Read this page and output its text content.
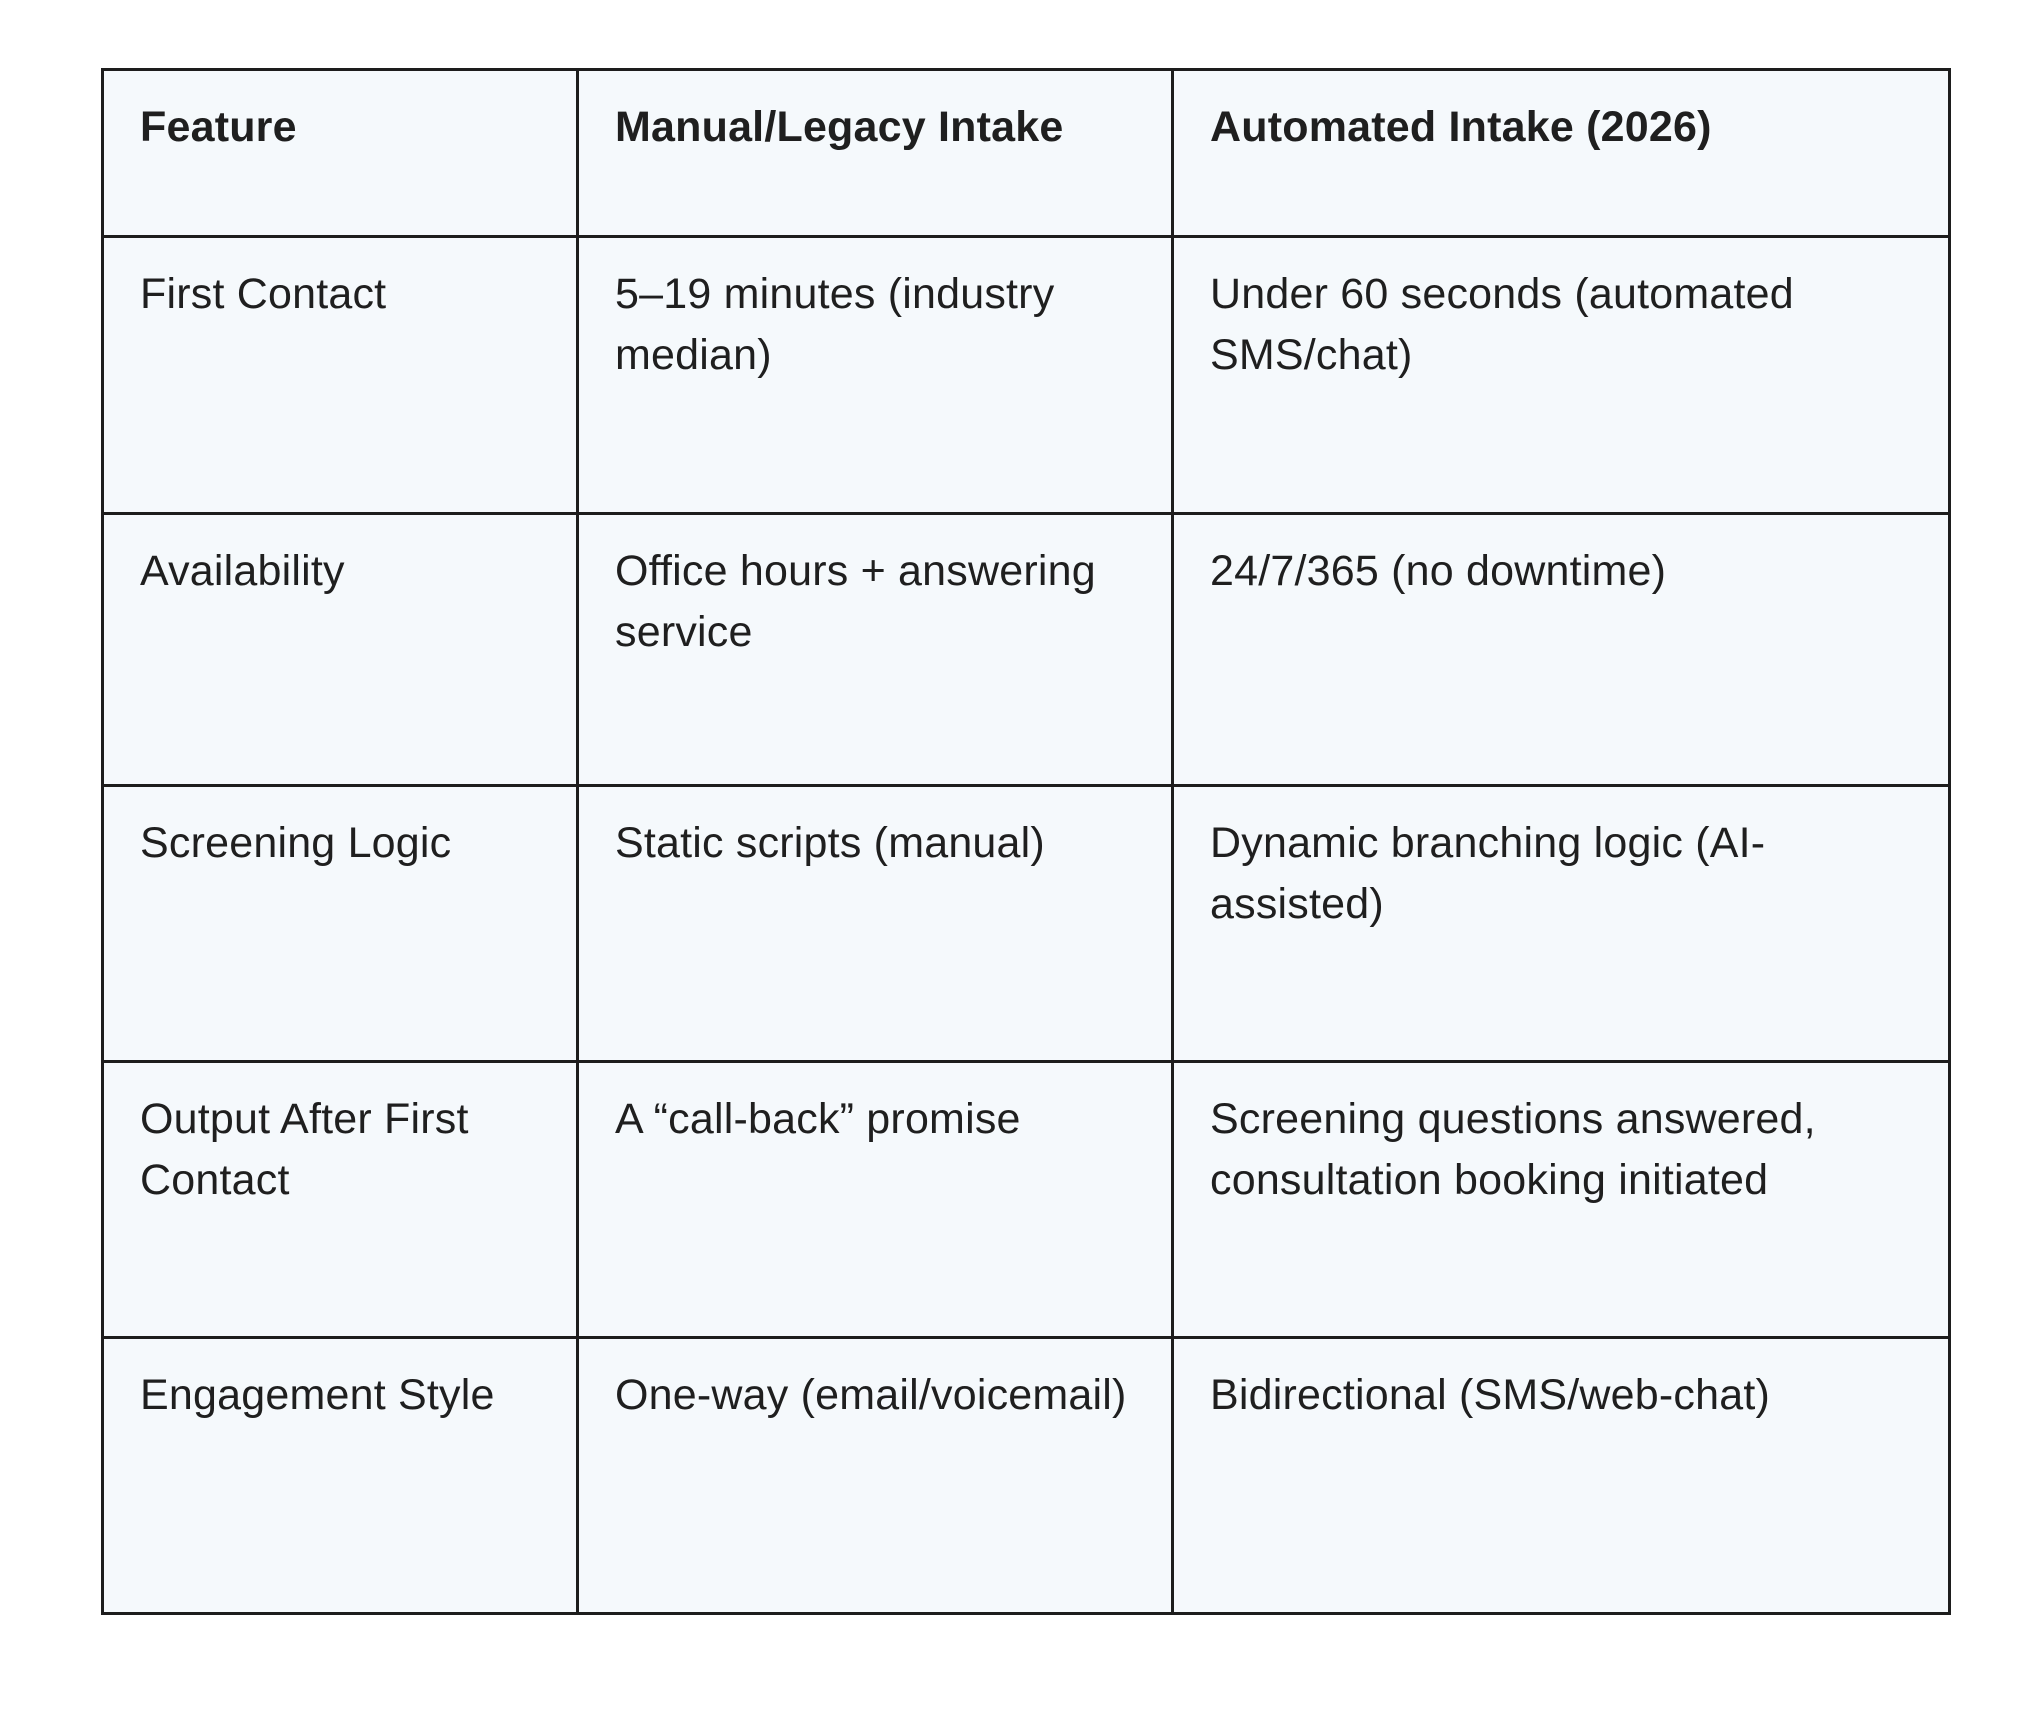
Feature	Manual/Legacy Intake	Automated Intake (2026)
First Contact	5–19 minutes (industry median)	Under 60 seconds (automated SMS/chat)
Availability	Office hours + answering service	24/7/365 (no downtime)
Screening Logic	Static scripts (manual)	Dynamic branching logic (AI-assisted)
Output After First Contact	A “call-back” promise	Screening questions answered, consultation booking initiated
Engagement Style	One-way (email/voicemail)	Bidirectional (SMS/web-chat)
